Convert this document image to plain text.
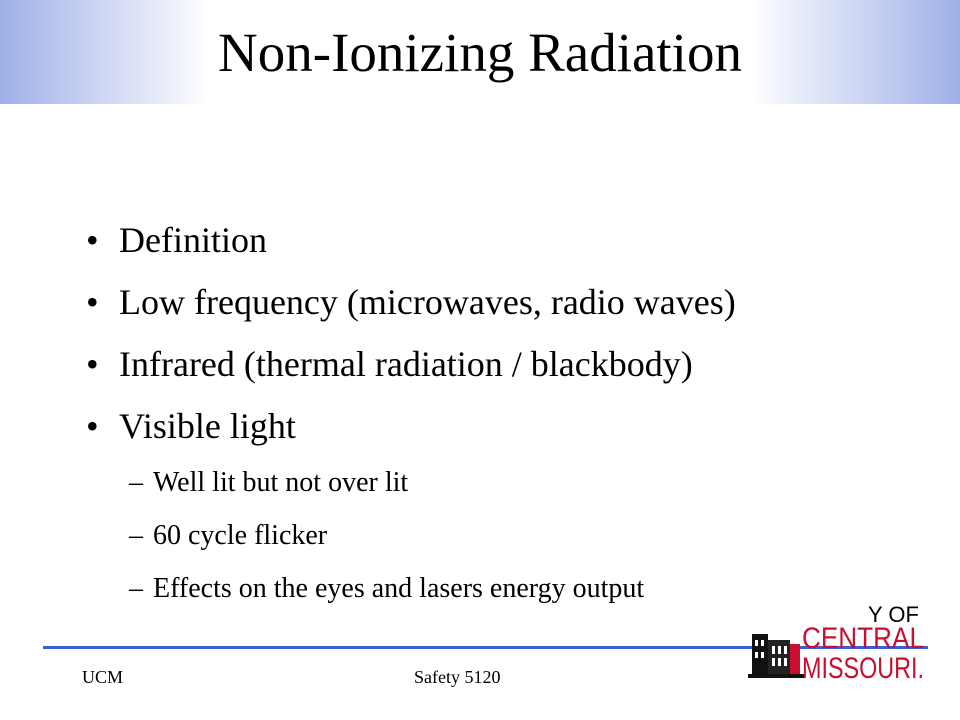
Non-Ionizing Radiation
• Definition
• Low frequency (microwaves, radio waves)
• Infrared (thermal radiation / blackbody)
• Visible light
– Well lit but not over lit
– 60 cycle flicker
– Effects on the eyes and lasers energy output
UCM	Safety 5120
Y OF
CENTRAL
MISSOURI.
